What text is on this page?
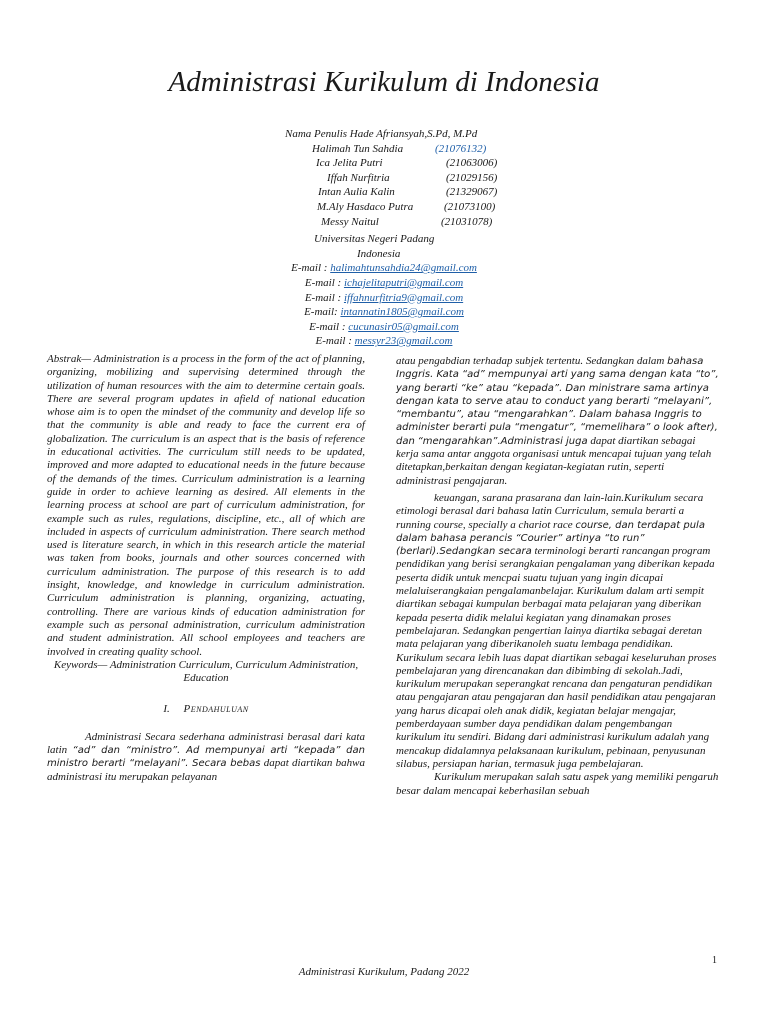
Administrasi Kurikulum di Indonesia
Nama Penulis Hade Afriansyah,S.Pd, M.Pd
Halimah Tun Sahdia	(21076132)
Ica Jelita Putri	(21063006)
Iffah Nurfitria	(21029156)
Intan Aulia Kalin	(21329067)
M.Aly Hasdaco Putra	(21073100)
Messy Naitul	(21031078)
Universitas Negeri Padang
Indonesia
E-mail : halimahtunsahdia24@gmail.com
E-mail : ichajelitaputri@gmail.com
E-mail : iffahnurfitria9@gmail.com
E-mail: intannatin1805@gmail.com
E-mail : cucunasir05@gmail.com
E-mail : messyr23@gmail.com

Abstrak— Administration is a process in the form of the act of planning, organizing, mobilizing and supervising determined through the utilization of human resources with the aim to determine certain goals. There are several program updates in afield of national education whose aim is to open the mindset of the community and develop life so that the community is able and ready to face the current era of globalization. The curriculum is an aspect that is the basis of reference in educational activities. The curriculum still needs to be updated, improved and more adapted to educational needs in the future because of the demands of the times. Curriculum administration is a learning guide in order to achieve learning as desired. All elements in the learning process at school are part of curriculum administration, for example such as rules, regulations, discipline, etc., all of which are included in aspects of curriculum administration. There search method used is literature search, in which in this research article the material was taken from books, journals and other sources concerned with curriculum administration. The purpose of this research is to add insight, knowledge, and knowledge in curriculum administration. Curriculum administration is planning, organizing, actuating, controlling. There are various kinds of education administration for example such as personal administration, curriculum administration and student administration. All school employees and teachers are involved in creating quality school.

Keywords— Administration Curriculum, Curriculum Administration, Education

I. Pendahuluan

Administrasi Secara sederhana administrasi berasal dari kata latin “ad” dan “ministro”. Ad mempunyai arti “kepada” dan ministro berarti “melayani”. Secara bebas dapat diartikan bahwa administrasi itu merupakan pelayanan

atau pengabdian terhadap subjek tertentu. Sedangkan dalam bahasa Inggris. Kata “ad” mempunyai arti yang sama dengan kata “to”, yang berarti “ke” atau “kepada”. Dan ministrare sama artinya dengan kata to serve atau to conduct yang berarti “melayani”, “membantu”, atau “mengarahkan”. Dalam bahasa Inggris to administer berarti pula “mengatur”, “memelihara” o look after), dan “mengarahkan”.Administrasi juga dapat diartikan sebagai kerja sama antar anggota organisasi untuk mencapai tujuan yang telah ditetapkan,berkaitan dengan kegiatan-kegiatan rutin, seperti administrasi pengajaran.

keuangan, sarana prasarana dan lain-lain.Kurikulum secara etimologi berasal dari bahasa latin Curriculum, semula berarti a running course, specially a chariot race course, dan terdapat pula dalam bahasa perancis “Courier” artinya “to run” (berlari).Sedangkan secara terminologi berarti rancangan program pendidikan yang berisi serangkaian pengalaman yang diberikan kepada peserta didik untuk mencpai suatu tujuan yang ingin dicapai melaluiserangkaian pengalamanbelajar. Kurikulum dalam arti sempit diartikan sebagai kumpulan berbagai mata pelajaran yang diberikan kepada peserta didik melalui kegiatan yang dinamakan proses pembelajaran. Sedangkan pengertian lainya diartika sebagai deretan mata pelajaran yang diberikanoleh suatu lembaga pendidikan. Kurikulum secara lebih luas dapat diartikan sebagai keseluruhan proses pembelajaran yang direncanakan dan dibimbing di sekolah.Jadi, kurikulum merupakan seperangkat rencana dan pengaturan pendidikan atau pengajaran atau pengajaran dan hasil pendidikan atau pengajaran yang harus dicapai oleh anak didik, kegiatan belajar mengajar, pemberdayaan sumber daya pendidikan dalam pengembangan kurikulum itu sendiri. Bidang dari administrasi kurikulum adalah yang mencakup didalamnya pelaksanaan kurikulum, pebinaan, penyusunan silabus, persiapan harian, termasuk juga pembelajaran.

Kurikulum merupakan salah satu aspek yang memiliki pengaruh besar dalam mencapai keberhasilan sebuah

1
Administrasi Kurikulum, Padang 2022
